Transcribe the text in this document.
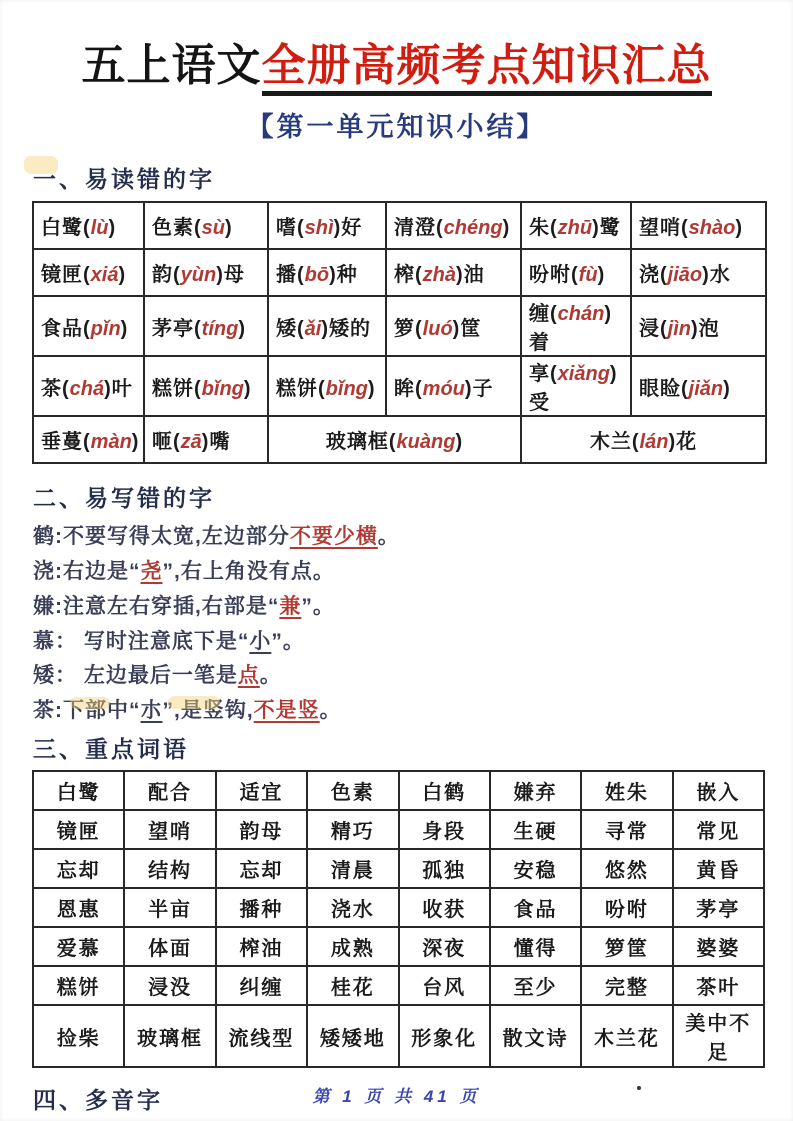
五上语文全册高频考点知识汇总
【第一单元知识小结】
一、易读错的字
白鹭(lù)	色素(sù)	嗜(shì)好	清澄(chéng)	朱(zhū)鹭	望哨(shào)
镜匣(xiá)	韵(yùn)母	播(bō)种	榨(zhà)油	吩咐(fù)	浇(jiāo)水
食品(pǐn)	茅亭(tíng)	矮(ǎi)矮的	箩(luó)筐	缠(chán)着	浸(jìn)泡
茶(chá)叶	糕饼(bǐng)	糕饼(bǐng)	眸(móu)子	享(xiǎng)受	眼睑(jiǎn)
垂蔓(màn)	咂(zā)嘴	玻璃框(kuàng)		木兰(lán)花	
二、易写错的字
鹤:不要写得太宽,左边部分不要少横。
浇:右边是“尧”,右上角没有点。
嫌:注意左右穿插,右部是“兼”。
慕： 写时注意底下是“小”。
矮： 左边最后一笔是点。
茶:下部中“朩”,是竖钩,不是竖。
三、重点词语
白鹭	配合	适宜	色素	白鹤	嫌弃	姓朱	嵌入
镜匣	望哨	韵母	精巧	身段	生硬	寻常	常见
忘却	结构	忘却	清晨	孤独	安稳	悠然	黄昏
恩惠	半亩	播种	浇水	收获	食品	吩咐	茅亭
爱慕	体面	榨油	成熟	深夜	懂得	箩筐	婆婆
糕饼	浸没	纠缠	桂花	台风	至少	完整	茶叶
捡柴	玻璃框	流线型	矮矮地	形象化	散文诗	木兰花	美中不足
四、多音字	第 1 页 共 41 页
